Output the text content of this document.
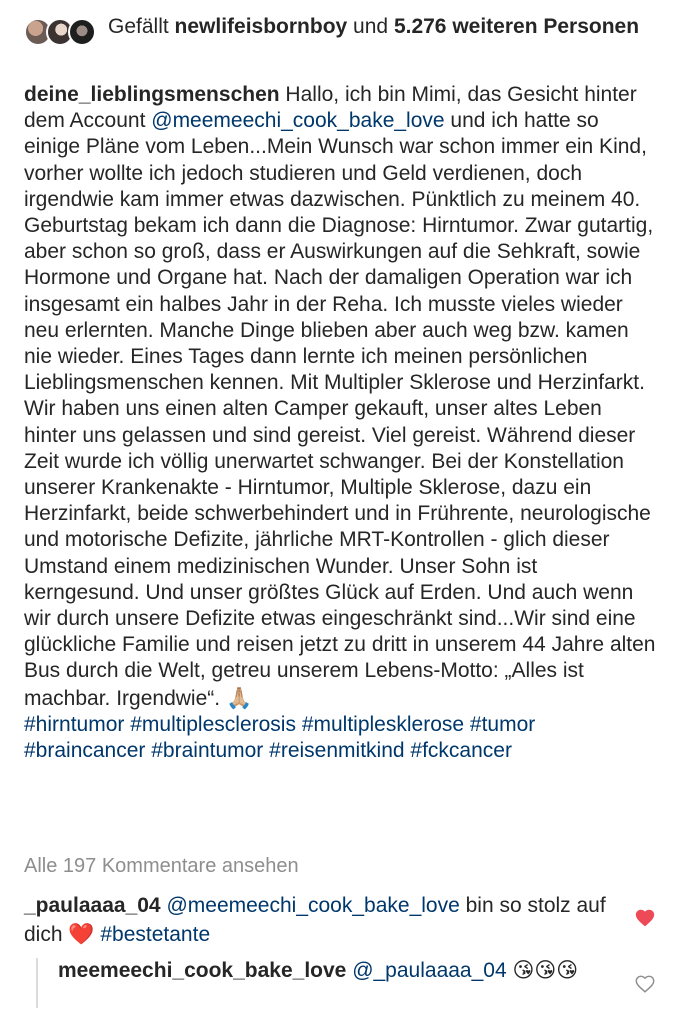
Gefällt newlifeisbornboy und 5.276 weiteren Personen
deine_lieblingsmenschen Hallo, ich bin Mimi, das Gesicht hinter dem Account @meemeechi_cook_bake_love und ich hatte so einige Pläne vom Leben...Mein Wunsch war schon immer ein Kind, vorher wollte ich jedoch studieren und Geld verdienen, doch irgendwie kam immer etwas dazwischen. Pünktlich zu meinem 40. Geburtstag bekam ich dann die Diagnose: Hirntumor. Zwar gutartig, aber schon so groß, dass er Auswirkungen auf die Sehkraft, sowie Hormone und Organe hat. Nach der damaligen Operation war ich insgesamt ein halbes Jahr in der Reha. Ich musste vieles wieder neu erlernten. Manche Dinge blieben aber auch weg bzw. kamen nie wieder. Eines Tages dann lernte ich meinen persönlichen Lieblingsmenschen kennen. Mit Multipler Sklerose und Herzinfarkt. Wir haben uns einen alten Camper gekauft, unser altes Leben hinter uns gelassen und sind gereist. Viel gereist. Während dieser Zeit wurde ich völlig unerwartet schwanger. Bei der Konstellation unserer Krankenakte - Hirntumor, Multiple Sklerose, dazu ein Herzinfarkt, beide schwerbehindert und in Frührente, neurologische und motorische Defizite, jährliche MRT-Kontrollen - glich dieser Umstand einem medizinischen Wunder. Unser Sohn ist kerngesund. Und unser größtes Glück auf Erden. Und auch wenn wir durch unsere Defizite etwas eingeschränkt sind...Wir sind eine glückliche Familie und reisen jetzt zu dritt in unserem 44 Jahre alten Bus durch die Welt, getreu unserem Lebens-Motto: „Alles ist machbar. Irgendwie“. 🙏🏼
#hirntumor #multiplesclerosis #multiplesklerose #tumor #braincancer #braintumor #reisenmitkind #fckcancer
Alle 197 Kommentare ansehen
_paulaaaa_04 @meemeechi_cook_bake_love bin so stolz auf dich ❤️ #bestetante
meemeechi_cook_bake_love @_paulaaaa_04 😘😘😘
